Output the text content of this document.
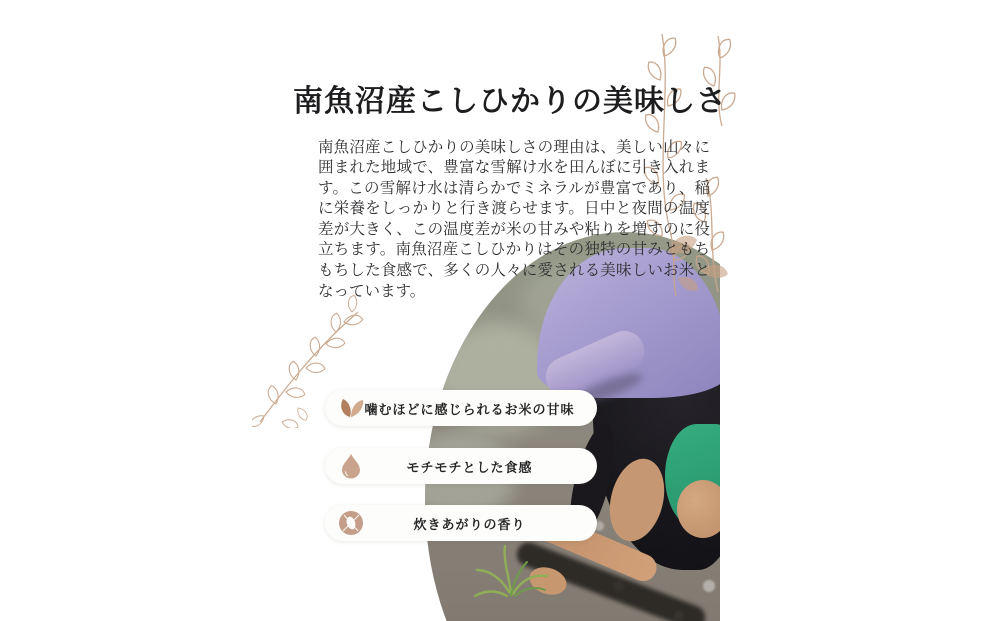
南魚沼産こしひかりの美味しさ

南魚沼産こしひかりの美味しさの理由は、美しい山々に囲まれた地域で、豊富な雪解け水を田んぼに引き入れます。この雪解け水は清らかでミネラルが豊富であり、稲に栄養をしっかりと行き渡らせます。日中と夜間の温度差が大きく、この温度差が米の甘みや粘りを増すのに役立ちます。南魚沼産こしひかりはその独特の甘みともちもちした食感で、多くの人々に愛される美味しいお米となっています。

噛むほどに感じられるお米の甘味
モチモチとした食感
炊きあがりの香り
